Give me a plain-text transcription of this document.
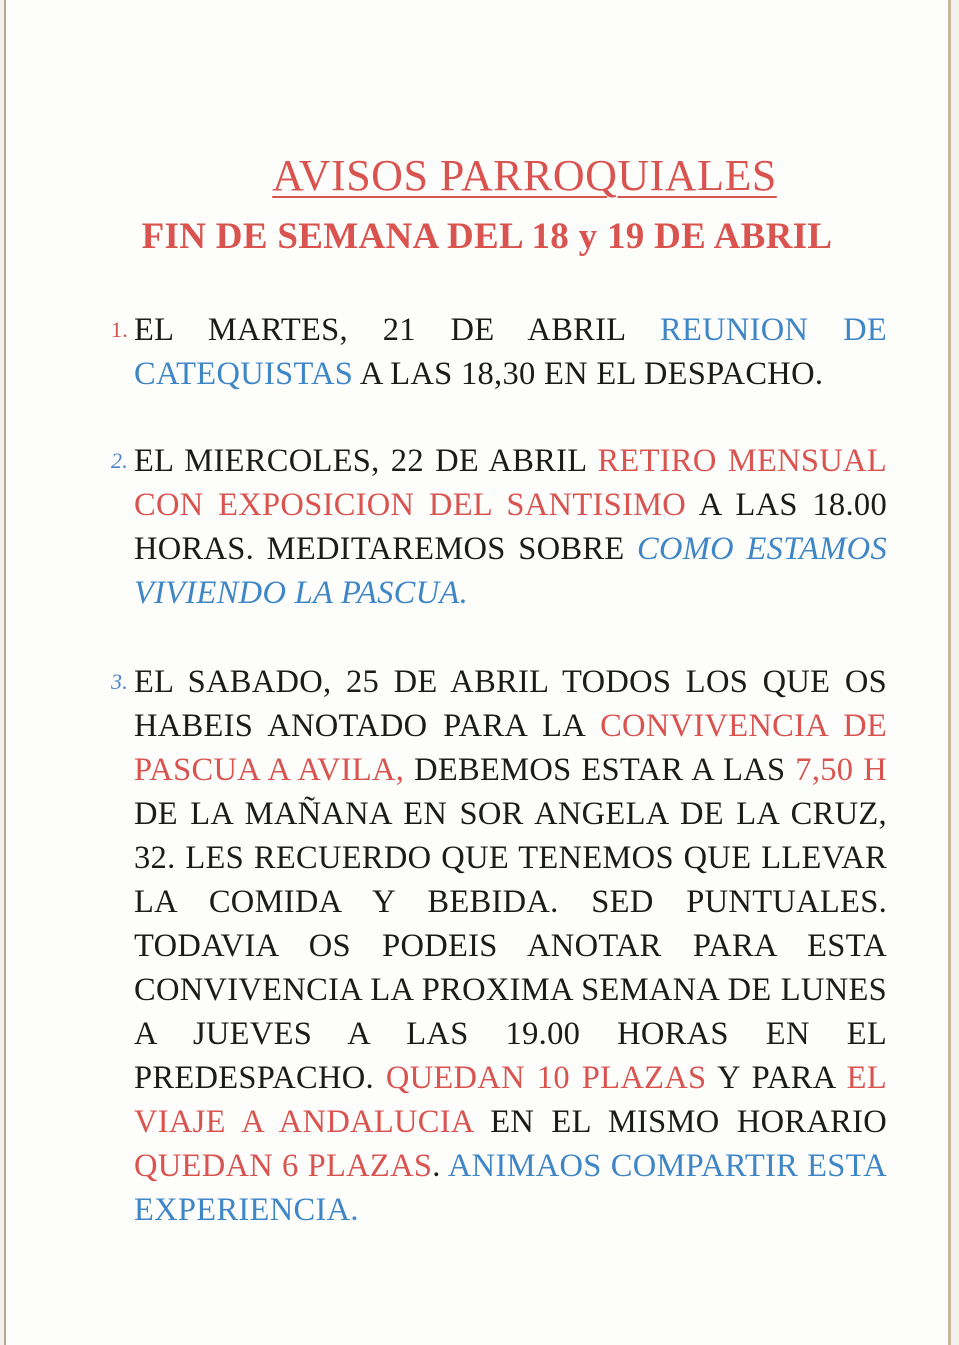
AVISOS PARROQUIALES
FIN DE SEMANA DEL 18 y 19 DE ABRIL
1. EL MARTES, 21 DE ABRIL REUNION DE CATEQUISTAS A LAS 18,30 EN EL DESPACHO.
2. EL MIERCOLES, 22 DE ABRIL RETIRO MENSUAL CON EXPOSICION DEL SANTISIMO A LAS 18.00 HORAS. MEDITAREMOS SOBRE COMO ESTAMOS VIVIENDO LA PASCUA.
3. EL SABADO, 25 DE ABRIL TODOS LOS QUE OS HABEIS ANOTADO PARA LA CONVIVENCIA DE PASCUA A AVILA, DEBEMOS ESTAR A LAS 7,50 H DE LA MAÑANA EN SOR ANGELA DE LA CRUZ, 32. LES RECUERDO QUE TENEMOS QUE LLEVAR LA COMIDA Y BEBIDA. SED PUNTUALES. TODAVIA OS PODEIS ANOTAR PARA ESTA CONVIVENCIA LA PROXIMA SEMANA DE LUNES A JUEVES A LAS 19.00 HORAS EN EL PREDESPACHO. QUEDAN 10 PLAZAS Y PARA EL VIAJE A ANDALUCIA EN EL MISMO HORARIO QUEDAN 6 PLAZAS. ANIMAOS COMPARTIR ESTA EXPERIENCIA.
